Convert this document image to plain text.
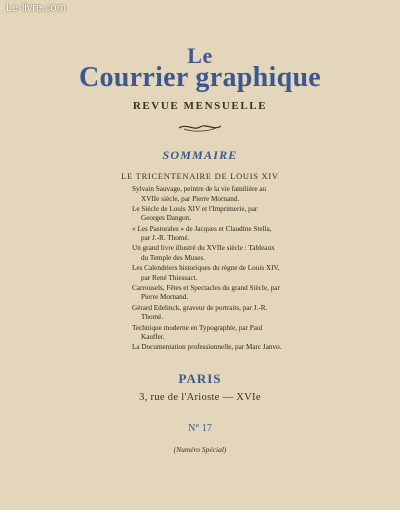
Le-livre.com
Le
Courrier graphique
REVUE MENSUELLE
SOMMAIRE
LE TRICENTENAIRE DE LOUIS XIV
Sylvain Sauvage, peintre de la vie familière au XVIIe siècle, par Pierre Mornand.
Le Siècle de Louis XIV et l'Imprimerie, par Georges Dangon.
« Les Pastorales » de Jacques et Claudine Stella, par J.-R. Thomé.
Un grand livre illustré du XVIIe siècle : Tableaux du Temple des Muses.
Les Calendriers historiques du règne de Louis XIV, par René Thiessact.
Carrousels, Fêtes et Spectacles du grand Siècle, par Pierre Mornand.
Gérard Edelinck, graveur de portraits, par J.-R. Thomé.
Technique moderne en Typographie, par Paul Kauffer.
La Documentation professionnelle, par Marc Janvo.
PARIS
3, rue de l'Arioste — XVIe
N° 17
(Numéro Spécial)
